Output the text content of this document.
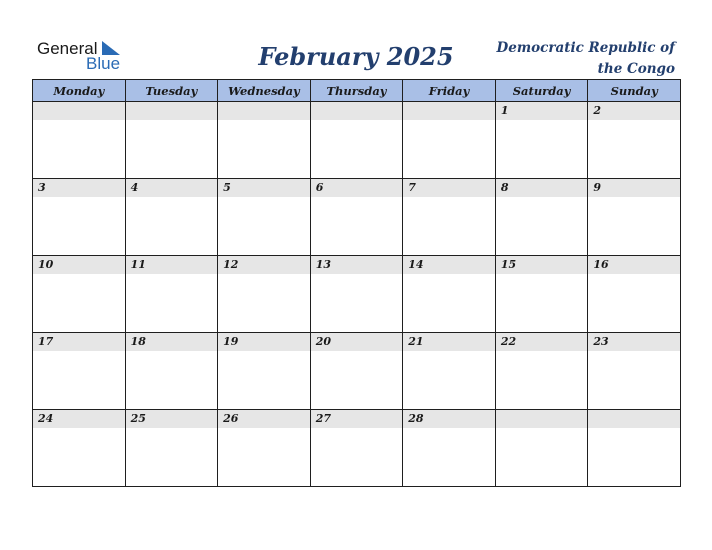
General
Blue	February 2025	Democratic Republic of the Congo
Monday	Tuesday	Wednesday	Thursday	Friday	Saturday	Sunday

					1	2

3	4	5	6	7	8	9

10	11	12	13	14	15	16

17	18	19	20	21	22	23

24	25	26	27	28		
